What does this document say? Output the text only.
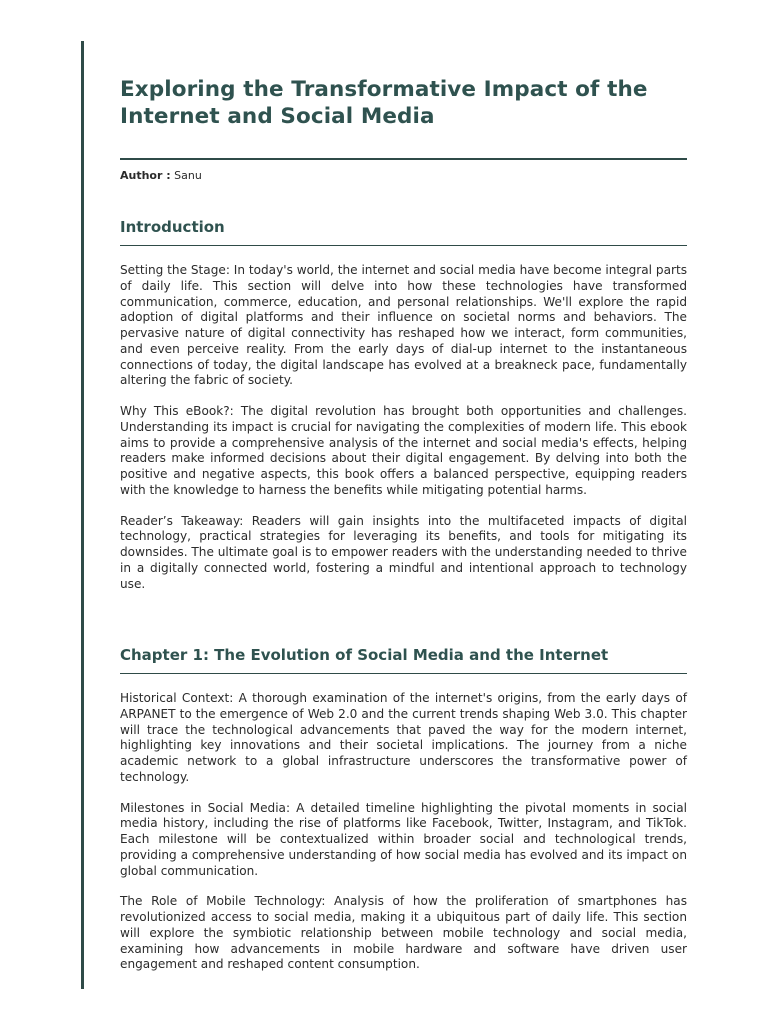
Exploring the Transformative Impact of the Internet and Social Media
Author : Sanu
Introduction

Setting the Stage: In today's world, the internet and social media have become integral parts of daily life. This section will delve into how these technologies have transformed communication, commerce, education, and personal relationships. We'll explore the rapid adoption of digital platforms and their influence on societal norms and behaviors. The pervasive nature of digital connectivity has reshaped how we interact, form communities, and even perceive reality. From the early days of dial-up internet to the instantaneous connections of today, the digital landscape has evolved at a breakneck pace, fundamentally altering the fabric of society.

Why This eBook?: The digital revolution has brought both opportunities and challenges. Understanding its impact is crucial for navigating the complexities of modern life. This ebook aims to provide a comprehensive analysis of the internet and social media's effects, helping readers make informed decisions about their digital engagement. By delving into both the positive and negative aspects, this book offers a balanced perspective, equipping readers with the knowledge to harness the benefits while mitigating potential harms.

Reader’s Takeaway: Readers will gain insights into the multifaceted impacts of digital technology, practical strategies for leveraging its benefits, and tools for mitigating its downsides. The ultimate goal is to empower readers with the understanding needed to thrive in a digitally connected world, fostering a mindful and intentional approach to technology use.

Chapter 1: The Evolution of Social Media and the Internet

Historical Context: A thorough examination of the internet's origins, from the early days of ARPANET to the emergence of Web 2.0 and the current trends shaping Web 3.0. This chapter will trace the technological advancements that paved the way for the modern internet, highlighting key innovations and their societal implications. The journey from a niche academic network to a global infrastructure underscores the transformative power of technology.

Milestones in Social Media: A detailed timeline highlighting the pivotal moments in social media history, including the rise of platforms like Facebook, Twitter, Instagram, and TikTok. Each milestone will be contextualized within broader social and technological trends, providing a comprehensive understanding of how social media has evolved and its impact on global communication.

The Role of Mobile Technology: Analysis of how the proliferation of smartphones has revolutionized access to social media, making it a ubiquitous part of daily life. This section will explore the symbiotic relationship between mobile technology and social media, examining how advancements in mobile hardware and software have driven user engagement and reshaped content consumption.
